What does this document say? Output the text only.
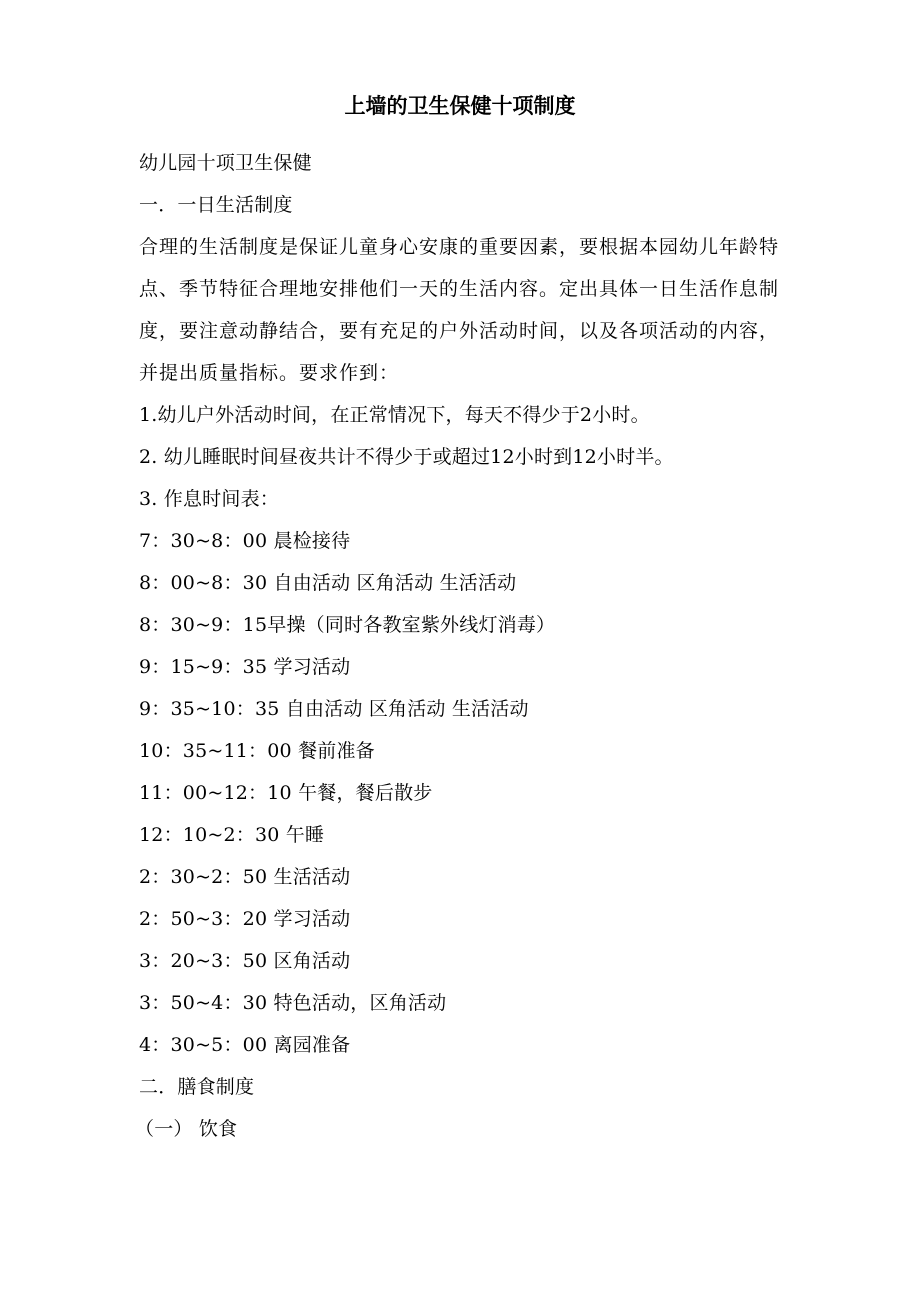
上墙的卫生保健十项制度

幼儿园十项卫生保健

一．一日生活制度

合理的生活制度是保证儿童身心安康的重要因素，要根据本园幼儿年龄特点、季节特征合理地安排他们一天的生活内容。定出具体一日生活作息制度，要注意动静结合，要有充足的户外活动时间，以及各项活动的内容，并提出质量指标。要求作到：

1.幼儿户外活动时间，在正常情况下，每天不得少于2小时。

2. 幼儿睡眠时间昼夜共计不得少于或超过12小时到12小时半。

3. 作息时间表：

7：30~8：00 晨检接待

8：00~8：30 自由活动 区角活动 生活活动

8：30~9：15早操（同时各教室紫外线灯消毒）

9：15~9：35 学习活动

9：35~10：35 自由活动 区角活动 生活活动

10：35~11：00 餐前准备

11：00~12：10 午餐，餐后散步

12：10~2：30 午睡

2：30~2：50 生活活动

2：50~3：20 学习活动

3：20~3：50 区角活动

3：50~4：30 特色活动，区角活动

4：30~5：00 离园准备

二．膳食制度

（一） 饮食
